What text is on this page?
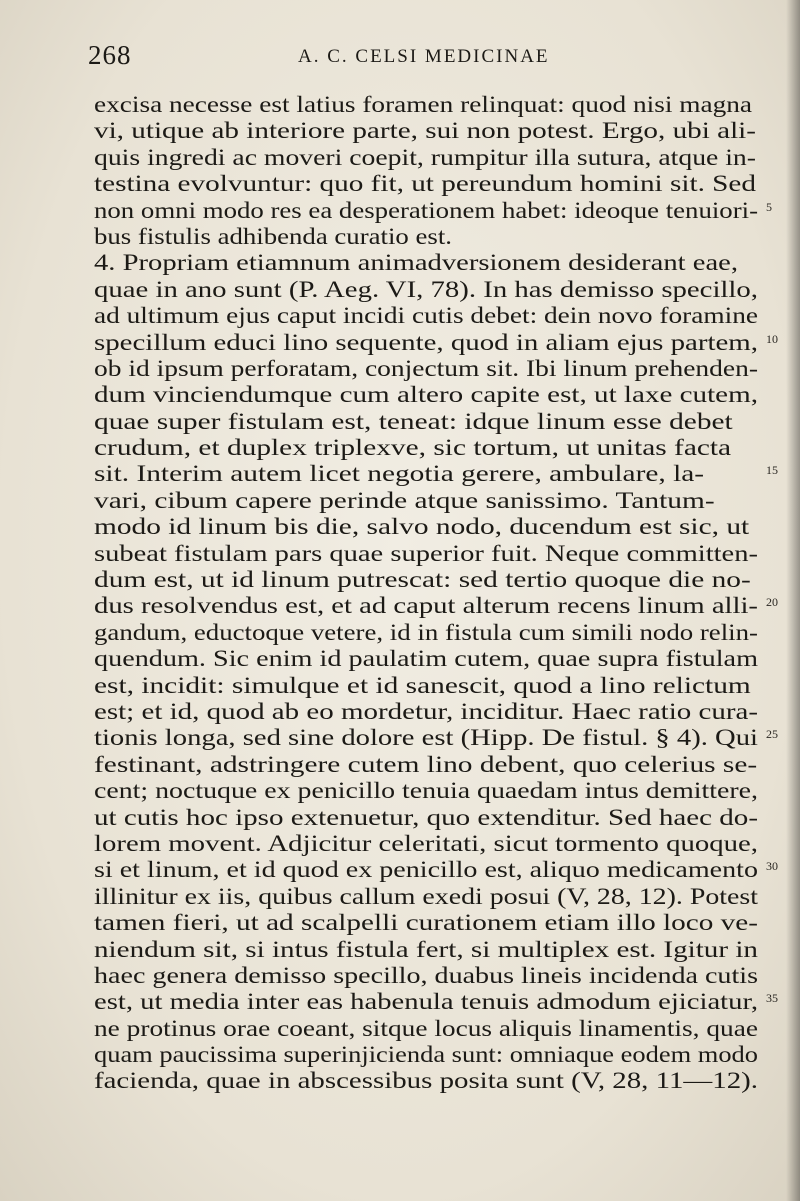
268	A. C. CELSI MEDICINAE
excisa necesse est latius foramen relinquat: quod nisi magna
vi, utique ab interiore parte, sui non potest. Ergo, ubi ali-
quis ingredi ac moveri coepit, rumpitur illa sutura, atque in-
testina evolvuntur: quo fit, ut pereundum homini sit. Sed
non omni modo res ea desperationem habet: ideoque tenuiori- 5
bus fistulis adhibenda curatio est.
4. Propriam etiamnum animadversionem desiderant eae,
quae in ano sunt (P. Aeg. VI, 78). In has demisso specillo,
ad ultimum ejus caput incidi cutis debet: dein novo foramine
specillum educi lino sequente, quod in aliam ejus partem, 10
ob id ipsum perforatam, conjectum sit. Ibi linum prehenden-
dum vinciendumque cum altero capite est, ut laxe cutem,
quae super fistulam est, teneat: idque linum esse debet
crudum, et duplex triplexve, sic tortum, ut unitas facta
sit. Interim autem licet negotia gerere, ambulare, la-	15
vari, cibum capere perinde atque sanissimo. Tantum-
modo id linum bis die, salvo nodo, ducendum est sic, ut
subeat fistulam pars quae superior fuit. Neque committen-
dum est, ut id linum putrescat: sed tertio quoque die no-
dus resolvendus est, et ad caput alterum recens linum alli- 20
gandum, eductoque vetere, id in fistula cum simili nodo relin-
quendum. Sic enim id paulatim cutem, quae supra fistulam
est, incidit: simulque et id sanescit, quod a lino relictum
est; et id, quod ab eo mordetur, inciditur. Haec ratio cura-
tionis longa, sed sine dolore est (Hipp. De fistul. § 4). Qui 25
festinant, adstringere cutem lino debent, quo celerius se-
cent; noctuque ex penicillo tenuia quaedam intus demittere,
ut cutis hoc ipso extenuetur, quo extenditur. Sed haec do-
lorem movent. Adjicitur celeritati, sicut tormento quoque,
si et linum, et id quod ex penicillo est, aliquo medicamento 30
illinitur ex iis, quibus callum exedi posui (V, 28, 12). Potest
tamen fieri, ut ad scalpelli curationem etiam illo loco ve-
niendum sit, si intus fistula fert, si multiplex est. Igitur in
haec genera demisso specillo, duabus lineis incidenda cutis
est, ut media inter eas habenula tenuis admodum ejiciatur, 35
ne protinus orae coeant, sitque locus aliquis linamentis, quae
quam paucissima superinjicienda sunt: omniaque eodem modo
facienda, quae in abscessibus posita sunt (V, 28, 11—12).
